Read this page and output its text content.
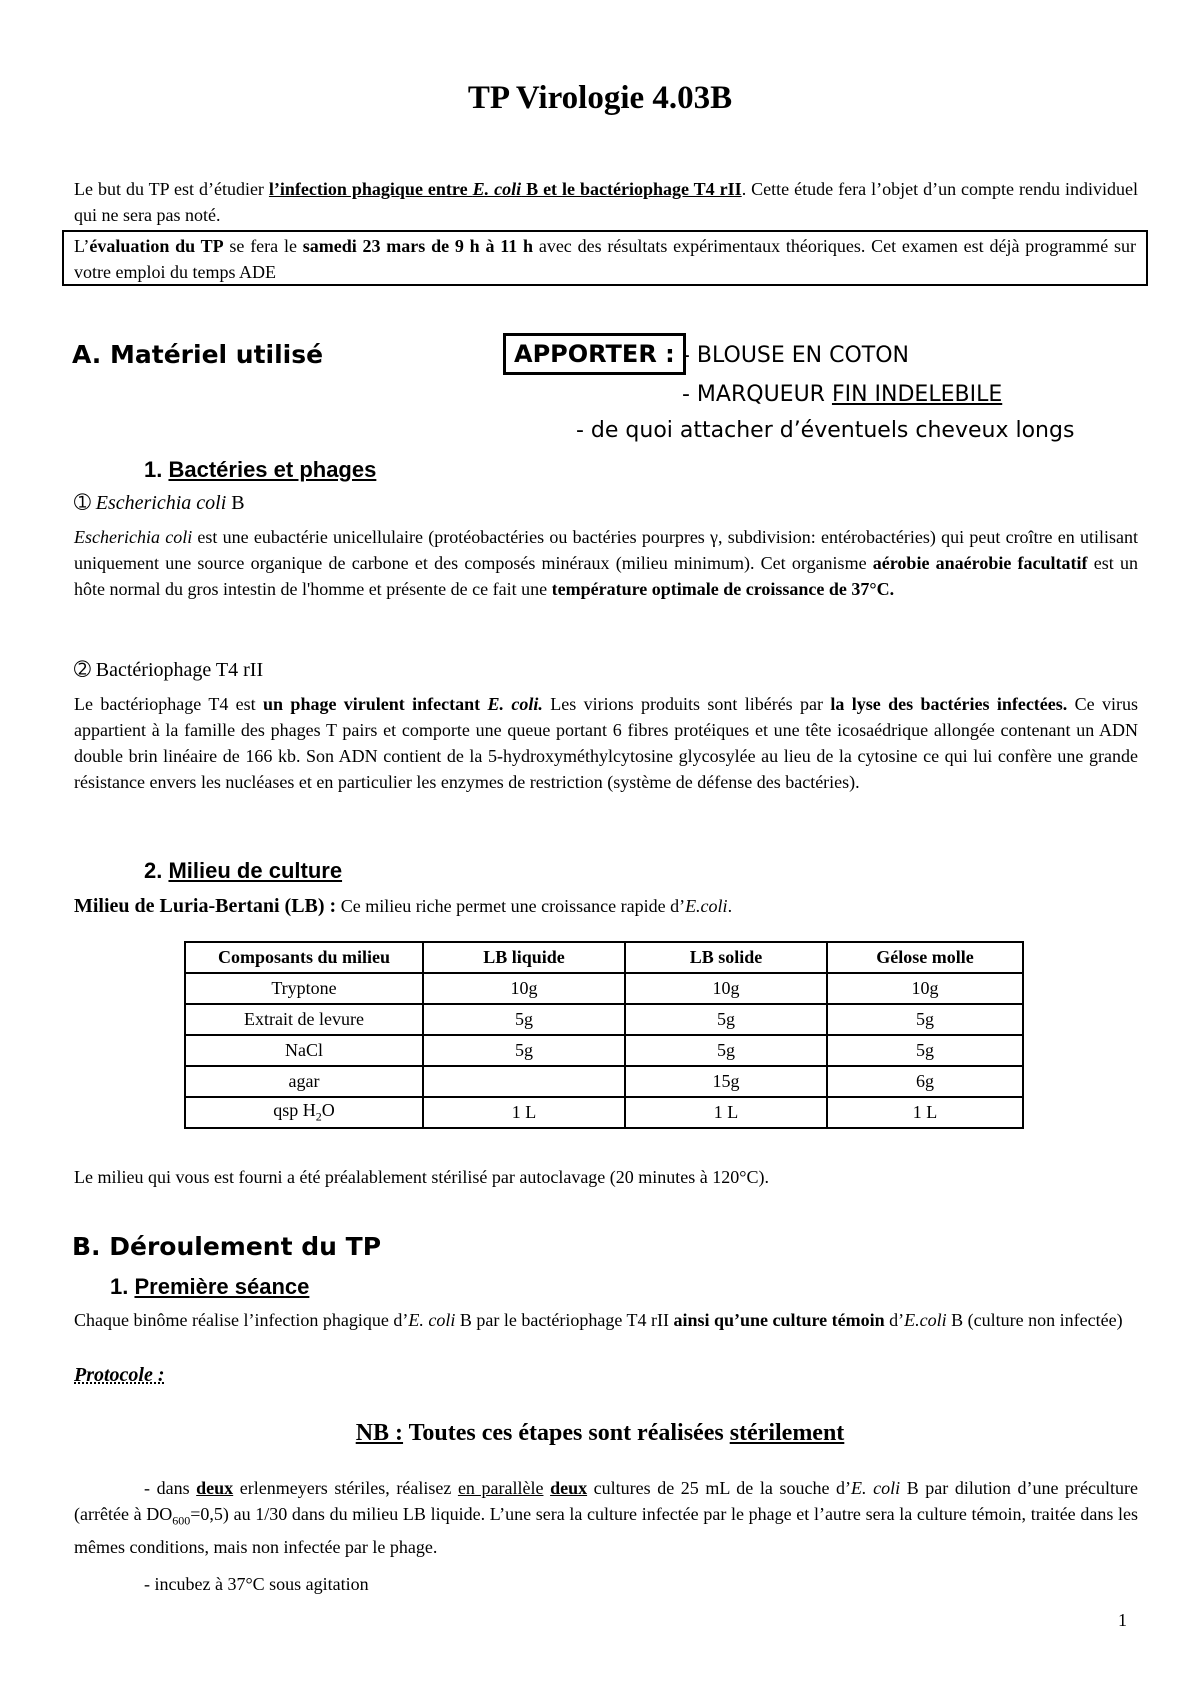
TP Virologie 4.03B
Le but du TP est d’étudier l’infection phagique entre E. coli B et le bactériophage T4 rII. Cette étude fera l’objet d’un compte rendu individuel qui ne sera pas noté.
L’évaluation du TP se fera le samedi 23 mars de 9 h à 11 h avec des résultats expérimentaux théoriques. Cet examen est déjà programmé sur votre emploi du temps ADE
A. Matériel utilisé	APPORTER : - BLOUSE EN COTON
- MARQUEUR FIN INDELEBILE
- de quoi attacher d’éventuels cheveux longs
1. Bactéries et phages
➀ Escherichia coli B
Escherichia coli est une eubactérie unicellulaire (protéobactéries ou bactéries pourpres γ, subdivision: entérobactéries) qui peut croître en utilisant uniquement une source organique de carbone et des composés minéraux (milieu minimum). Cet organisme aérobie anaérobie facultatif est un hôte normal du gros intestin de l'homme et présente de ce fait une température optimale de croissance de 37°C.
➁ Bactériophage T4 rII
Le bactériophage T4 est un phage virulent infectant E. coli. Les virions produits sont libérés par la lyse des bactéries infectées. Ce virus appartient à la famille des phages T pairs et comporte une queue portant 6 fibres protéiques et une tête icosaédrique allongée contenant un ADN double brin linéaire de 166 kb. Son ADN contient de la 5-hydroxyméthylcytosine glycosylée au lieu de la cytosine ce qui lui confère une grande résistance envers les nucléases et en particulier les enzymes de restriction (système de défense des bactéries).
2. Milieu de culture
Milieu de Luria-Bertani (LB) : Ce milieu riche permet une croissance rapide d’E.coli.
Composants du milieu	LB liquide	LB solide	Gélose molle
Tryptone	10g	10g	10g
Extrait de levure	5g	5g	5g
NaCl	5g	5g	5g
agar		15g	6g
qsp $H_2O$	1 L	1 L	1 L
Le milieu qui vous est fourni a été préalablement stérilisé par autoclavage (20 minutes à 120°C).
B. Déroulement du TP
1. Première séance
Chaque binôme réalise l’infection phagique d’E. coli B par le bactériophage T4 rII ainsi qu’une culture témoin d’E.coli B (culture non infectée)
Protocole :
NB : Toutes ces étapes sont réalisées stérilement
- dans deux erlenmeyers stériles, réalisez en parallèle deux cultures de 25 mL de la souche d’E. coli B par dilution d’une préculture (arrêtée à $DO_{600}=0,5$) au 1/30 dans du milieu LB liquide. L’une sera la culture infectée par le phage et l’autre sera la culture témoin, traitée dans les mêmes conditions, mais non infectée par le phage.
- incubez à 37°C sous agitation
1
